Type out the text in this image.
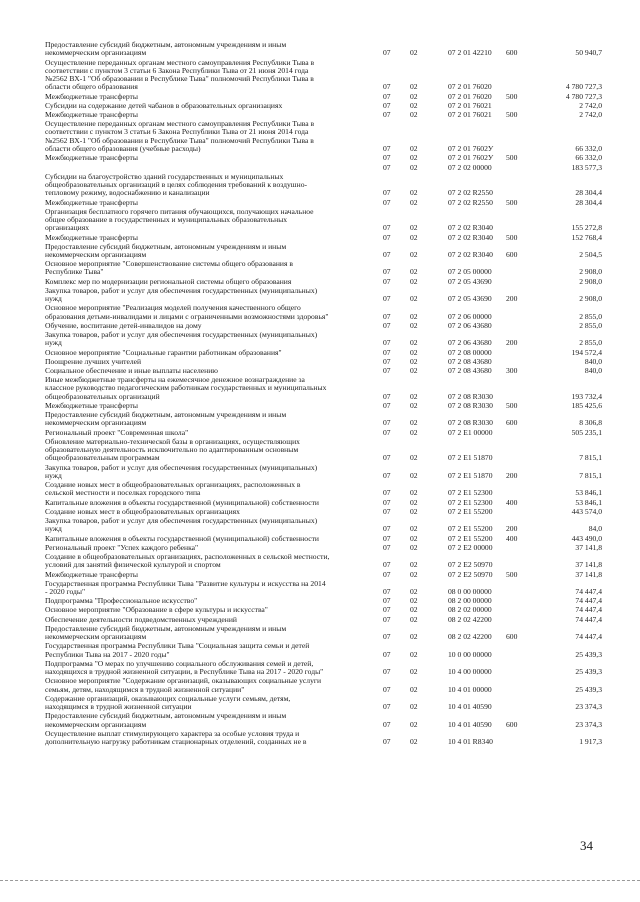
Предоставление субсидий бюджетным, автономным учреждениям и иным
некоммерческим организациям	07	02	07 2 01 42210	600	50 940,7
Осуществление переданных органам местного самоуправления Республики Тыва в
соответствии с пунктом 3 статьи 6 Закона Республики Тыва от 21 июня 2014 года
№2562 ВХ-1 "Об образовании в Республике Тыва" полномочий Республики Тыва в
области общего образования	07	02	07 2 01 76020	4 780 727,3
Межбюджетные трансферты	07	02	07 2 01 76020	500	4 780 727,3
Субсидии на содержание детей чабанов в образовательных организациях	07	02	07 2 01 76021	2 742,0
Межбюджетные трансферты	07	02	07 2 01 76021	500	2 742,0
Осуществление переданных органам местного самоуправления Республики Тыва в
соответствии с пунктом 3 статьи 6 Закона Республики Тыва от 21 июня 2014 года
№2562 ВХ-1 "Об образовании в Республике Тыва" полномочий Республики Тыва в
области общего образования (учебные расходы)	07	02	07 2 01 7602У	66 332,0
Межбюджетные трансферты	07	02	07 2 01 7602У	500	66 332,0
07	02	07 2 02 00000	183 577,3
Субсидии на благоустройство зданий государственных и муниципальных
общеобразовательных организаций в целях соблюдения требований к воздушно-
тепловому режиму, водоснабжению и канализации	07	02	07 2 02 R2550	28 304,4
Межбюджетные трансферты	07	02	07 2 02 R2550	500	28 304,4
Организация бесплатного горячего питания обучающихся, получающих начальное
общее образование в государственных и муниципальных образовательных
организациях	07	02	07 2 02 R3040	155 272,8
Межбюджетные трансферты	07	02	07 2 02 R3040	500	152 768,4
Предоставление субсидий бюджетным, автономным учреждениям и иным
некоммерческим организациям	07	02	07 2 02 R3040	600	2 504,5
Основное мероприятие "Совершенствование системы общего образования в
Республике Тыва"	07	02	07 2 05 00000	2 908,0
Комплекс мер по модернизации региональной системы общего образования	07	02	07 2 05 43690	2 908,0
Закупка товаров, работ и услуг для обеспечения государственных (муниципальных)
нужд	07	02	07 2 05 43690	200	2 908,0
Основное мероприятие "Реализация моделей получения качественного общего
образования детьми-инвалидами и лицами с ограниченными возможностями здоровья"	07	02	07 2 06 00000	2 855,0
Обучение, воспитание детей-инвалидов на дому	07	02	07 2 06 43680	2 855,0
Закупка товаров, работ и услуг для обеспечения государственных (муниципальных)
нужд	07	02	07 2 06 43680	200	2 855,0
Основное мероприятие "Социальные гарантии работникам образования"	07	02	07 2 08 00000	194 572,4
Поощрение лучших учителей	07	02	07 2 08 43680	840,0
Социальное обеспечение и иные выплаты населению	07	02	07 2 08 43680	300	840,0
Иные межбюджетные трансферты на ежемесячное денежное вознаграждение за
классное руководство педагогическим работникам государственных и муниципальных
общеобразовательных организаций	07	02	07 2 08 R3030	193 732,4
Межбюджетные трансферты	07	02	07 2 08 R3030	500	185 425,6
Предоставление субсидий бюджетным, автономным учреждениям и иным
некоммерческим организациям	07	02	07 2 08 R3030	600	8 306,8
Региональный проект "Современная школа"	07	02	07 2 E1 00000	505 235,1
Обновление материально-технической базы в организациях, осуществляющих
образовательную деятельность исключительно по адаптированным основным
общеобразовательным программам	07	02	07 2 E1 51870	7 815,1
Закупка товаров, работ и услуг для обеспечения государственных (муниципальных)
нужд	07	02	07 2 E1 51870	200	7 815,1
Создание новых мест в общеобразовательных организациях, расположенных в
сельской местности и поселках городского типа	07	02	07 2 E1 52300	53 846,1
Капитальные вложения в объекты государственной (муниципальной) собственности	07	02	07 2 E1 52300	400	53 846,1
Создание новых мест в общеобразовательных организациях	07	02	07 2 E1 55200	443 574,0
Закупка товаров, работ и услуг для обеспечения государственных (муниципальных)
нужд	07	02	07 2 E1 55200	200	84,0
Капитальные вложения в объекты государственной (муниципальной) собственности	07	02	07 2 E1 55200	400	443 490,0
Региональный проект "Успех каждого ребенка"	07	02	07 2 E2 00000	37 141,8
Создание в общеобразовательных организациях, расположенных в сельской местности,
условий для занятий физической культурой и спортом	07	02	07 2 E2 50970	37 141,8
Межбюджетные трансферты	07	02	07 2 E2 50970	500	37 141,8
Государственная программа Республики Тыва "Развитие культуры и искусства на 2014
- 2020 годы"	07	02	08 0 00 00000	74 447,4
Подпрограмма "Профессиональное искусство"	07	02	08 2 00 00000	74 447,4
Основное мероприятие "Образование в сфере культуры и искусства"	07	02	08 2 02 00000	74 447,4
Обеспечение деятельности подведомственных учреждений	07	02	08 2 02 42200	74 447,4
Предоставление субсидий бюджетным, автономным учреждениям и иным
некоммерческим организациям	07	02	08 2 02 42200	600	74 447,4
Государственная программа Республики Тыва "Социальная защита семьи и детей
Республики Тыва на 2017 - 2020 годы"	07	02	10 0 00 00000	25 439,3
Подпрограмма "О мерах по улучшению социального обслуживания семей и детей,
находящихся в трудной жизненной ситуации, в Республике Тыва на 2017 - 2020 годы"	07	02	10 4 00 00000	25 439,3
Основное мероприятие "Содержание организаций, оказывающих социальные услуги
семьям, детям, находящимся в трудной жизненной ситуации"	07	02	10 4 01 00000	25 439,3
Содержание организаций, оказывающих социальные услуги семьям, детям,
находящимся в трудной жизненной ситуации	07	02	10 4 01 40590	23 374,3
Предоставление субсидий бюджетным, автономным учреждениям и иным
некоммерческим организациям	07	02	10 4 01 40590	600	23 374,3
Осуществление выплат стимулирующего характера за особые условия труда и
дополнительную нагрузку работникам стационарных отделений, созданных не в	07	02	10 4 01 R8340	1 917,3
34
